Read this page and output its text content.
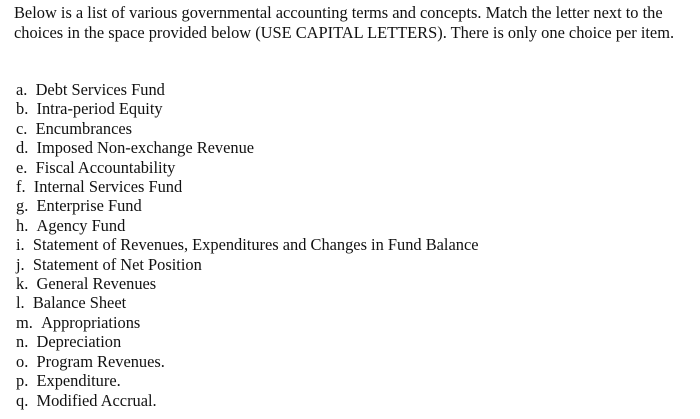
Below is a list of various governmental accounting terms and concepts. Match the letter next to the choices in the space provided below (USE CAPITAL LETTERS). There is only one choice per item.

a. Debt Services Fund
b. Intra-period Equity
c. Encumbrances
d. Imposed Non-exchange Revenue
e. Fiscal Accountability
f. Internal Services Fund
g. Enterprise Fund
h. Agency Fund
i. Statement of Revenues, Expenditures and Changes in Fund Balance
j. Statement of Net Position
k. General Revenues
l. Balance Sheet
m. Appropriations
n. Depreciation
o. Program Revenues.
p. Expenditure.
q. Modified Accrual.
